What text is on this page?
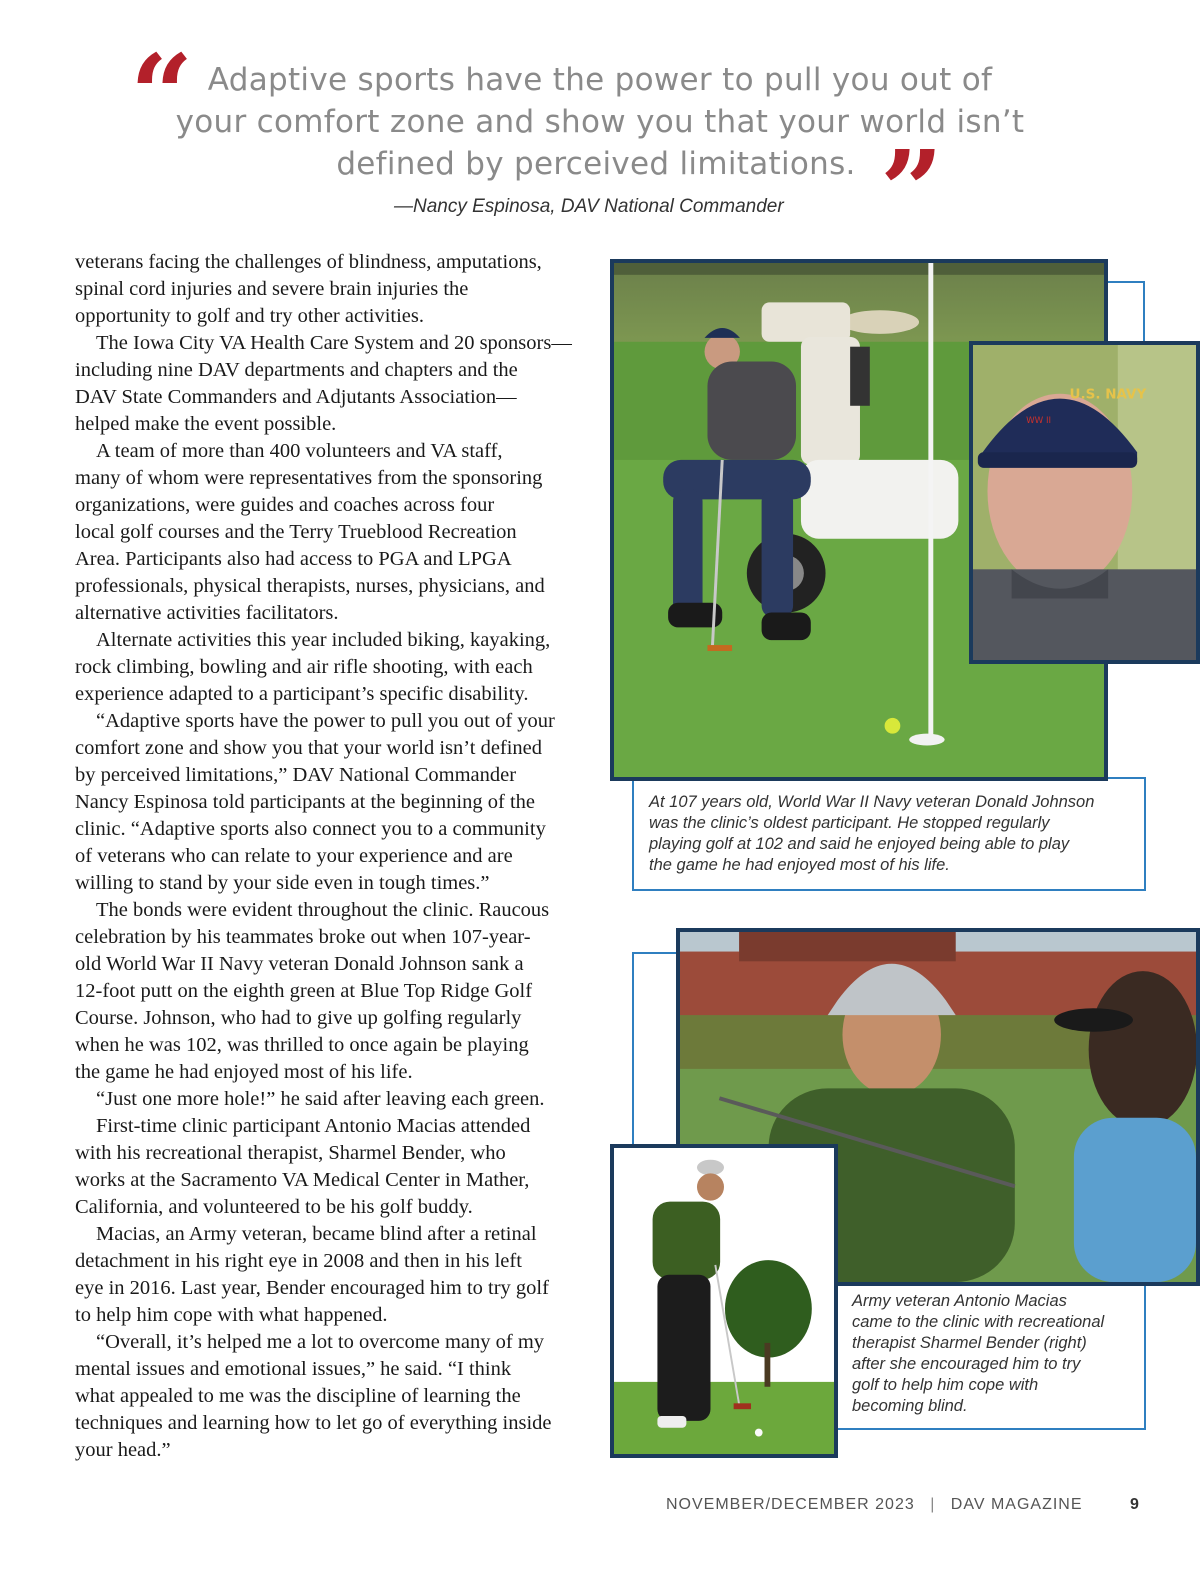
“ Adaptive sports have the power to pull you out of
your comfort zone and show you that your world isn’t
defined by perceived limitations. ”
—Nancy Espinosa, DAV National Commander

veterans facing the challenges of blindness, amputations,

spinal cord injuries and severe brain injuries the

opportunity to golf and try other activities.

The Iowa City VA Health Care System and 20 sponsors—

including nine DAV departments and chapters and the

DAV State Commanders and Adjutants Association—

helped make the event possible.

A team of more than 400 volunteers and VA staff,

many of whom were representatives from the sponsoring

organizations, were guides and coaches across four

local golf courses and the Terry Trueblood Recreation

Area. Participants also had access to PGA and LPGA

professionals, physical therapists, nurses, physicians, and

alternative activities facilitators.

Alternate activities this year included biking, kayaking,

rock climbing, bowling and air rifle shooting, with each

experience adapted to a participant’s specific disability.

“Adaptive sports have the power to pull you out of your

comfort zone and show you that your world isn’t defined

by perceived limitations,” DAV National Commander

Nancy Espinosa told participants at the beginning of the

clinic. “Adaptive sports also connect you to a community

of veterans who can relate to your experience and are

willing to stand by your side even in tough times.”

The bonds were evident throughout the clinic. Raucous

celebration by his teammates broke out when 107-year-

old World War II Navy veteran Donald Johnson sank a

12-foot putt on the eighth green at Blue Top Ridge Golf

Course. Johnson, who had to give up golfing regularly

when he was 102, was thrilled to once again be playing

the game he had enjoyed most of his life.

“Just one more hole!” he said after leaving each green.

First-time clinic participant Antonio Macias attended

with his recreational therapist, Sharmel Bender, who

works at the Sacramento VA Medical Center in Mather,

California, and volunteered to be his golf buddy.

Macias, an Army veteran, became blind after a retinal

detachment in his right eye in 2008 and then in his left

eye in 2016. Last year, Bender encouraged him to try golf

to help him cope with what happened.

“Overall, it’s helped me a lot to overcome many of my

mental issues and emotional issues,” he said. “I think

what appealed to me was the discipline of learning the

techniques and learning how to let go of everything inside

your head.”

U.S. NAVY
WW II
At 107 years old, World War II Navy veteran Donald Johnson
was the clinic’s oldest participant. He stopped regularly
playing golf at 102 and said he enjoyed being able to play
the game he had enjoyed most of his life.
Army veteran Antonio Macias
came to the clinic with recreational
therapist Sharmel Bender (right)
after she encouraged him to try
golf to help him cope with
becoming blind.
NOVEMBER/DECEMBER 2023 | DAV MAGAZINE	9
